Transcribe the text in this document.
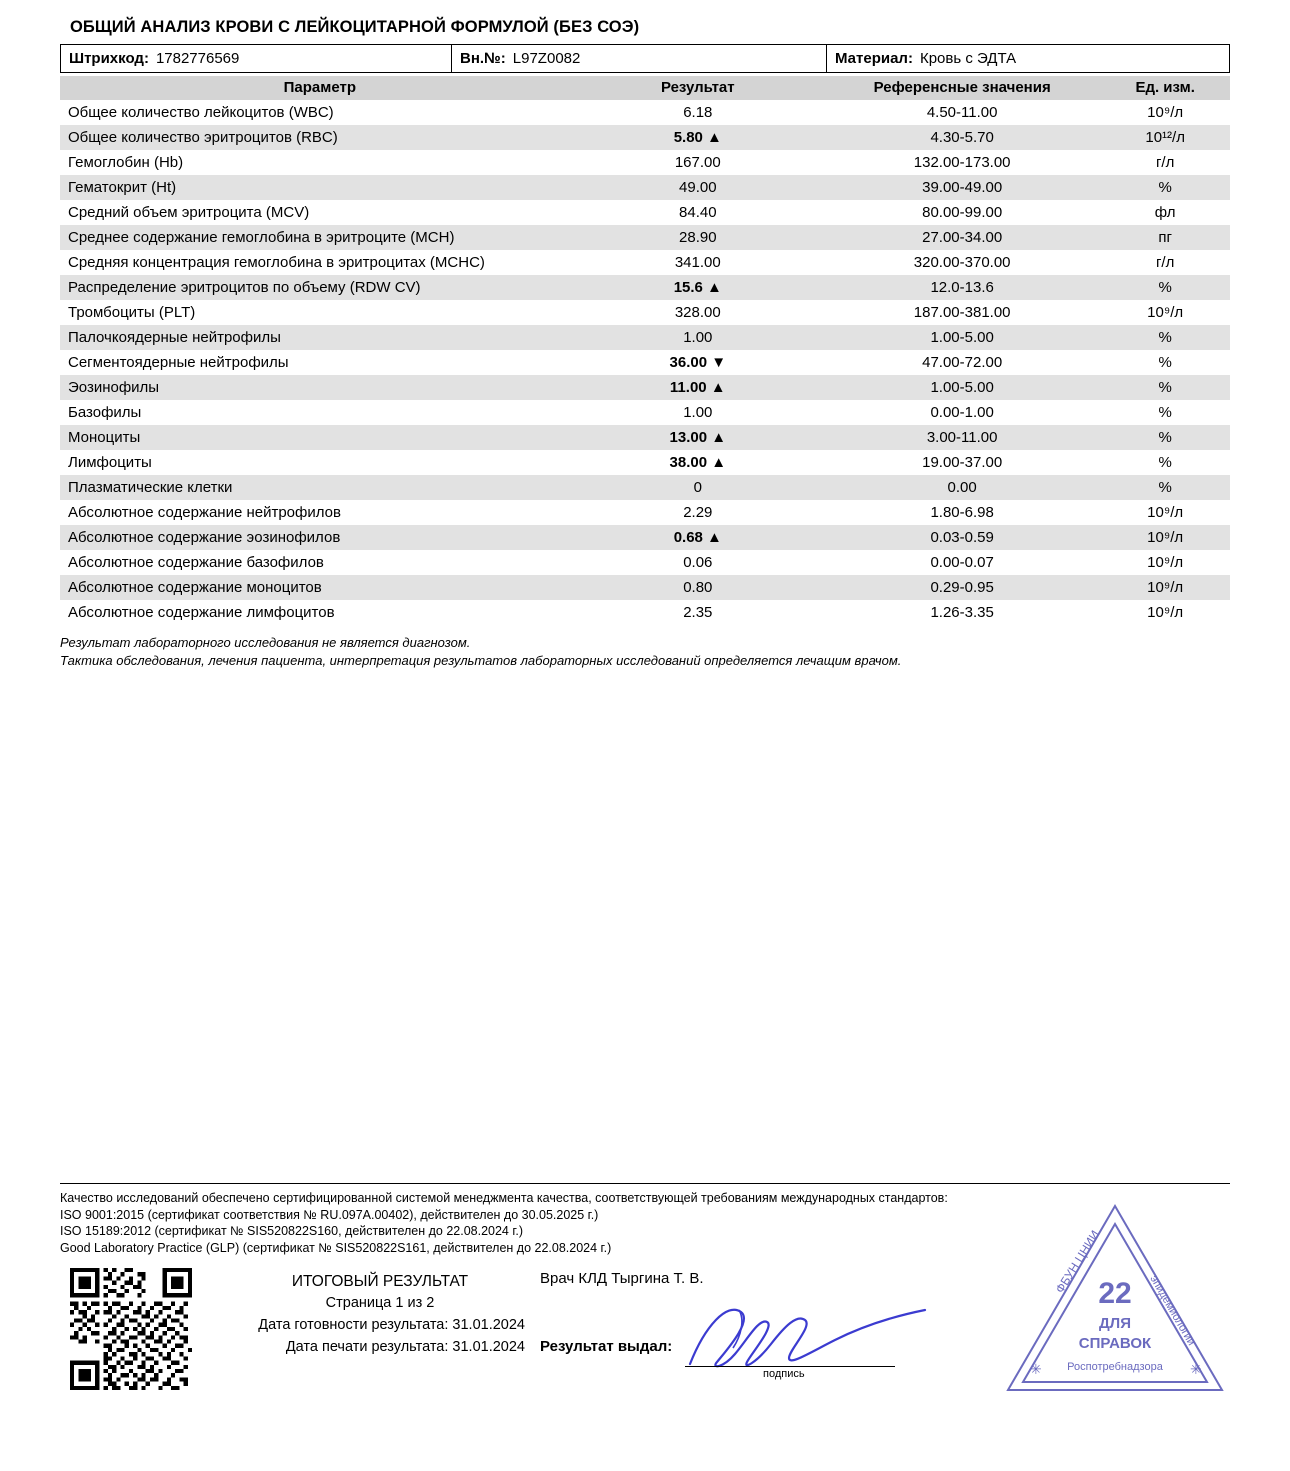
ОБЩИЙ АНАЛИЗ КРОВИ С ЛЕЙКОЦИТАРНОЙ ФОРМУЛОЙ (БЕЗ СОЭ)
Штрихкод: 1782776569	Вн.№: L97Z0082	Материал: Кровь с ЭДТА
Параметр	Результат	Референсные значения	Ед. изм.
Общее количество лейкоцитов (WBC)	6.18	4.50-11.00	10⁹/л
Общее количество эритроцитов (RBC)	5.80 ▲	4.30-5.70	10¹²/л
Гемоглобин (Hb)	167.00	132.00-173.00	г/л
Гематокрит (Ht)	49.00	39.00-49.00	%
Средний объем эритроцита (MCV)	84.40	80.00-99.00	фл
Среднее содержание гемоглобина в эритроците (MCH)	28.90	27.00-34.00	пг
Средняя концентрация гемоглобина в эритроцитах (MCHC)	341.00	320.00-370.00	г/л
Распределение эритроцитов по объему (RDW CV)	15.6 ▲	12.0-13.6	%
Тромбоциты (PLT)	328.00	187.00-381.00	10⁹/л
Палочкоядерные нейтрофилы	1.00	1.00-5.00	%
Сегментоядерные нейтрофилы	36.00 ▼	47.00-72.00	%
Эозинофилы	11.00 ▲	1.00-5.00	%
Базофилы	1.00	0.00-1.00	%
Моноциты	13.00 ▲	3.00-11.00	%
Лимфоциты	38.00 ▲	19.00-37.00	%
Плазматические клетки	0	0.00	%
Абсолютное содержание нейтрофилов	2.29	1.80-6.98	10⁹/л
Абсолютное содержание эозинофилов	0.68 ▲	0.03-0.59	10⁹/л
Абсолютное содержание базофилов	0.06	0.00-0.07	10⁹/л
Абсолютное содержание моноцитов	0.80	0.29-0.95	10⁹/л
Абсолютное содержание лимфоцитов	2.35	1.26-3.35	10⁹/л
Результат лабораторного исследования не является диагнозом.
Тактика обследования, лечения пациента, интерпретация результатов лабораторных исследований определяется лечащим врачом.
Качество исследований обеспечено сертифицированной системой менеджмента качества, соответствующей требованиям международных стандартов:
ISO 9001:2015 (сертификат соответствия № RU.097А.00402), действителен до 30.05.2025 г.)
ISO 15189:2012 (сертификат № SIS520822S160, действителен до 22.08.2024 г.)
Good Laboratory Practice (GLP) (сертификат № SIS520822S161, действителен до 22.08.2024 г.)
ИТОГОВЫЙ РЕЗУЛЬТАТ
Страница 1 из 2
Дата готовности результата: 31.01.2024
Дата печати результата: 31.01.2024
Врач КЛД Тыргина Т. В.
Результат выдал:
подпись
22
ДЛЯ
СПРАВОК
ФБУН ЦНИИ
эпидемиологии
Роспотребнадзора
✳	✳
